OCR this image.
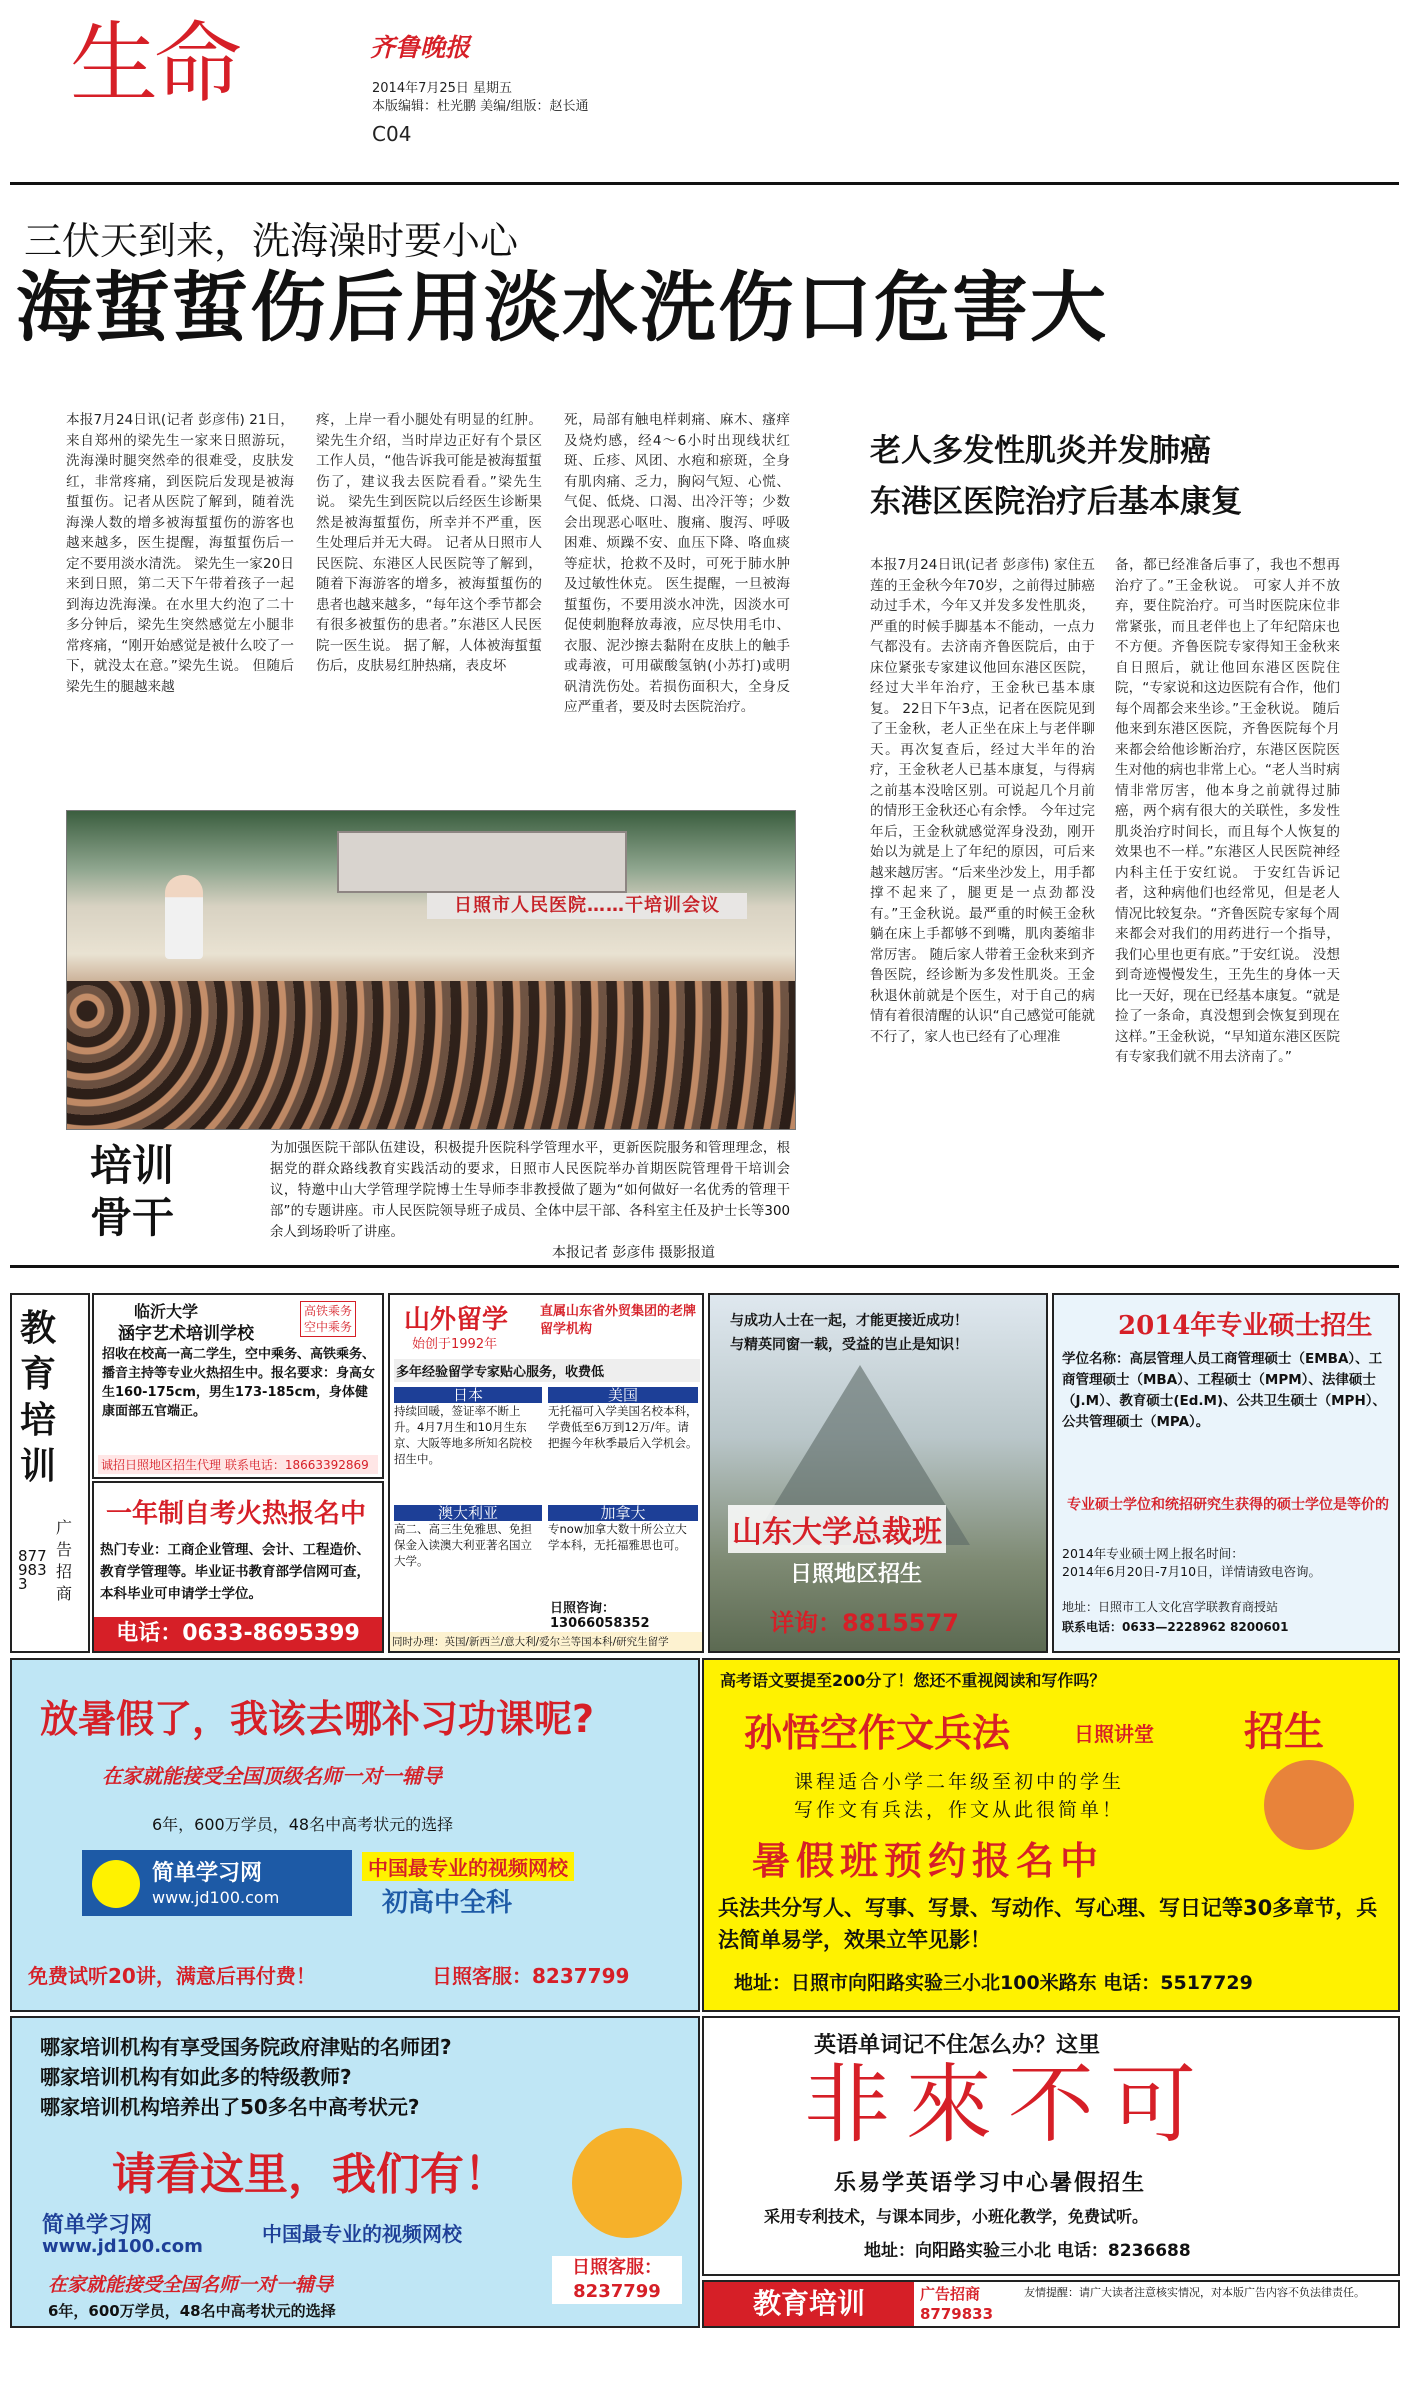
生命	齐鲁晚报
2014年7月25日 星期五
本版编辑：杜光鹏 美编/组版：赵长通
C04
三伏天到来，洗海澡时要小心
海蜇蜇伤后用淡水洗伤口危害大
本报7月24日讯(记者 彭彦伟) 21日，来自郑州的梁先生一家来日照游玩，洗海澡时腿突然牵的很难受，皮肤发红，非常疼痛，到医院后发现是被海蜇蜇伤。记者从医院了解到，随着洗海澡人数的增多被海蜇蜇伤的游客也越来越多，医生提醒，海蜇蜇伤后一定不要用淡水清洗。 梁先生一家20日来到日照，第二天下午带着孩子一起到海边洗海澡。在水里大约泡了二十多分钟后，梁先生突然感觉左小腿非常疼痛，“刚开始感觉是被什么咬了一下，就没太在意。”梁先生说。 但随后梁先生的腿越来越
疼，上岸一看小腿处有明显的红肿。梁先生介绍，当时岸边正好有个景区工作人员，“他告诉我可能是被海蜇蜇伤了，建议我去医院看看。”梁先生说。 梁先生到医院以后经医生诊断果然是被海蜇蜇伤，所幸并不严重，医生处理后并无大碍。 记者从日照市人民医院、东港区人民医院等了解到，随着下海游客的增多，被海蜇蜇伤的患者也越来越多，“每年这个季节都会有很多被蜇伤的患者。”东港区人民医院一医生说。 据了解，人体被海蜇蜇伤后，皮肤易红肿热痛，表皮坏
死，局部有触电样刺痛、麻木、瘙痒及烧灼感，经4～6小时出现线状红斑、丘疹、风团、水疱和瘀斑，全身有肌肉痛、乏力，胸闷气短、心慌、气促、低烧、口渴、出冷汗等；少数会出现恶心呕吐、腹痛、腹泻、呼吸困难、烦躁不安、血压下降、咯血痰等症状，抢救不及时，可死于肺水肿及过敏性休克。 医生提醒，一旦被海蜇蜇伤，不要用淡水冲洗，因淡水可促使刺胞释放毒液，应尽快用毛巾、衣服、泥沙擦去黏附在皮肤上的触手或毒液，可用碳酸氢钠(小苏打)或明矾清洗伤处。若损伤面积大，全身反应严重者，要及时去医院治疗。
日照市人民医院……干培训会议
培训
骨干
为加强医院干部队伍建设，积极提升医院科学管理水平，更新医院服务和管理理念，根据党的群众路线教育实践活动的要求，日照市人民医院举办首期医院管理骨干培训会议，特邀中山大学管理学院博士生导师李非教授做了题为“如何做好一名优秀的管理干部”的专题讲座。市人民医院领导班子成员、全体中层干部、各科室主任及护士长等300余人到场聆听了讲座。
本报记者 彭彦伟 摄影报道
老人多发性肌炎并发肺癌
东港区医院治疗后基本康复
本报7月24日讯(记者 彭彦伟) 家住五莲的王金秋今年70岁，之前得过肺癌动过手术，今年又并发多发性肌炎，严重的时候手脚基本不能动，一点力气都没有。去济南齐鲁医院后，由于床位紧张专家建议他回东港区医院，经过大半年治疗，王金秋已基本康复。 22日下午3点，记者在医院见到了王金秋，老人正坐在床上与老伴聊天。再次复查后，经过大半年的治疗，王金秋老人已基本康复，与得病之前基本没啥区别。可说起几个月前的情形王金秋还心有余悸。 今年过完年后，王金秋就感觉浑身没劲，刚开始以为就是上了年纪的原因，可后来越来越厉害。“后来坐沙发上，用手都撑不起来了，腿更是一点劲都没有。”王金秋说。最严重的时候王金秋躺在床上手都够不到嘴，肌肉萎缩非常厉害。 随后家人带着王金秋来到齐鲁医院，经诊断为多发性肌炎。王金秋退休前就是个医生，对于自己的病情有着很清醒的认识“自己感觉可能就不行了，家人也已经有了心理准
备，都已经准备后事了，我也不想再治疗了。”王金秋说。 可家人并不放弃，要住院治疗。可当时医院床位非常紧张，而且老伴也上了年纪陪床也不方便。齐鲁医院专家得知王金秋来自日照后，就让他回东港区医院住院，“专家说和这边医院有合作，他们每个周都会来坐诊。”王金秋说。 随后他来到东港区医院，齐鲁医院每个月来都会给他诊断治疗，东港区医院医生对他的病也非常上心。“老人当时病情非常厉害，他本身之前就得过肺癌，两个病有很大的关联性，多发性肌炎治疗时间长，而且每个人恢复的效果也不一样。”东港区人民医院神经内科主任于安红说。 于安红告诉记者，这种病他们也经常见，但是老人情况比较复杂。“齐鲁医院专家每个周来都会对我们的用药进行一个指导，我们心里也更有底。”于安红说。 没想到奇迹慢慢发生，王先生的身体一天比一天好，现在已经基本康复。“就是捡了一条命，真没想到会恢复到现在这样。”王金秋说，“早知道东港区医院有专家我们就不用去济南了。”
教育培训
广告招商
8779833
临沂大学
涵宇艺术培训学校
高铁乘务
空中乘务
招收在校高一高二学生，空中乘务、高铁乘务、播音主持等专业火热招生中。报名要求：身高女生160-175cm，男生173-185cm，身体健康面部五官端正。
诚招日照地区招生代理 联系电话：18663392869
一年制自考火热报名中
热门专业：工商企业管理、会计、工程造价、教育学管理等。毕业证书教育部学信网可查，本科毕业可申请学士学位。
电话：0633-8695399
山外留学
始创于1992年
直属山东省外贸集团的老牌留学机构
多年经验留学专家贴心服务，收费低
日本
持续回暖，签证率不断上升。4月7月生和10月生东京、大阪等地多所知名院校招生中。
美国
无托福可入学美国名校本科，学费低至6万到12万/年。请把握今年秋季最后入学机会。
澳大利亚
高二、高三生免雅思、免担保金入读澳大利亚著名国立大学。
加拿大
专now加拿大数十所公立大学本科，无托福雅思也可。
日照咨询：13066058352
同时办理：英国/新西兰/意大利/爱尔兰等国本科/研究生留学
与成功人士在一起，才能更接近成功！
与精英同窗一载，受益的岂止是知识！
山东大学总裁班
日照地区招生
详询：8815577
2014年专业硕士招生
学位名称：高层管理人员工商管理硕士（EMBA）、工商管理硕士（MBA）、工程硕士（MPM）、法律硕士（J.M）、教育硕士(Ed.M)、公共卫生硕士（MPH）、公共管理硕士（MPA）。
专业硕士学位和统招研究生获得的硕士学位是等价的
2014年专业硕士网上报名时间：
2014年6月20日-7月10日，详情请致电咨询。
地址：日照市工人文化宫学联教育商授站
联系电话：0633—2228962 8200601
放暑假了，我该去哪补习功课呢?
在家就能接受全国顶级名师一对一辅导
6年，600万学员，48名中高考状元的选择
简单学习网
www.jd100.com
中国最专业的视频网校
初高中全科
免费试听20讲，满意后再付费！	日照客服：8237799
高考语文要提至200分了！您还不重视阅读和写作吗？
孙悟空作文兵法	日照讲堂 招生
课程适合小学二年级至初中的学生
写作文有兵法，作文从此很简单！
暑假班预约报名中
兵法共分写人、写事、写景、写动作、写心理、写日记等30多章节，兵法简单易学，效果立竿见影！
地址：日照市向阳路实验三小北100米路东 电话：5517729
哪家培训机构有享受国务院政府津贴的名师团?
哪家培训机构有如此多的特级教师?
哪家培训机构培养出了50多名中高考状元?
请看这里，我们有！
简单学习网
www.jd100.com
中国最专业的视频网校
在家就能接受全国名师一对一辅导
6年，600万学员，48名中高考状元的选择
日照客服：
8237799
英语单词记不住怎么办？这里
非來不可
乐易学英语学习中心暑假招生
采用专利技术，与课本同步，小班化教学，免费试听。
地址：向阳路实验三小北 电话：8236688
教育培训	广告招商
8779833
友情提醒：请广大读者注意核实情况，对本版广告内容不负法律责任。
